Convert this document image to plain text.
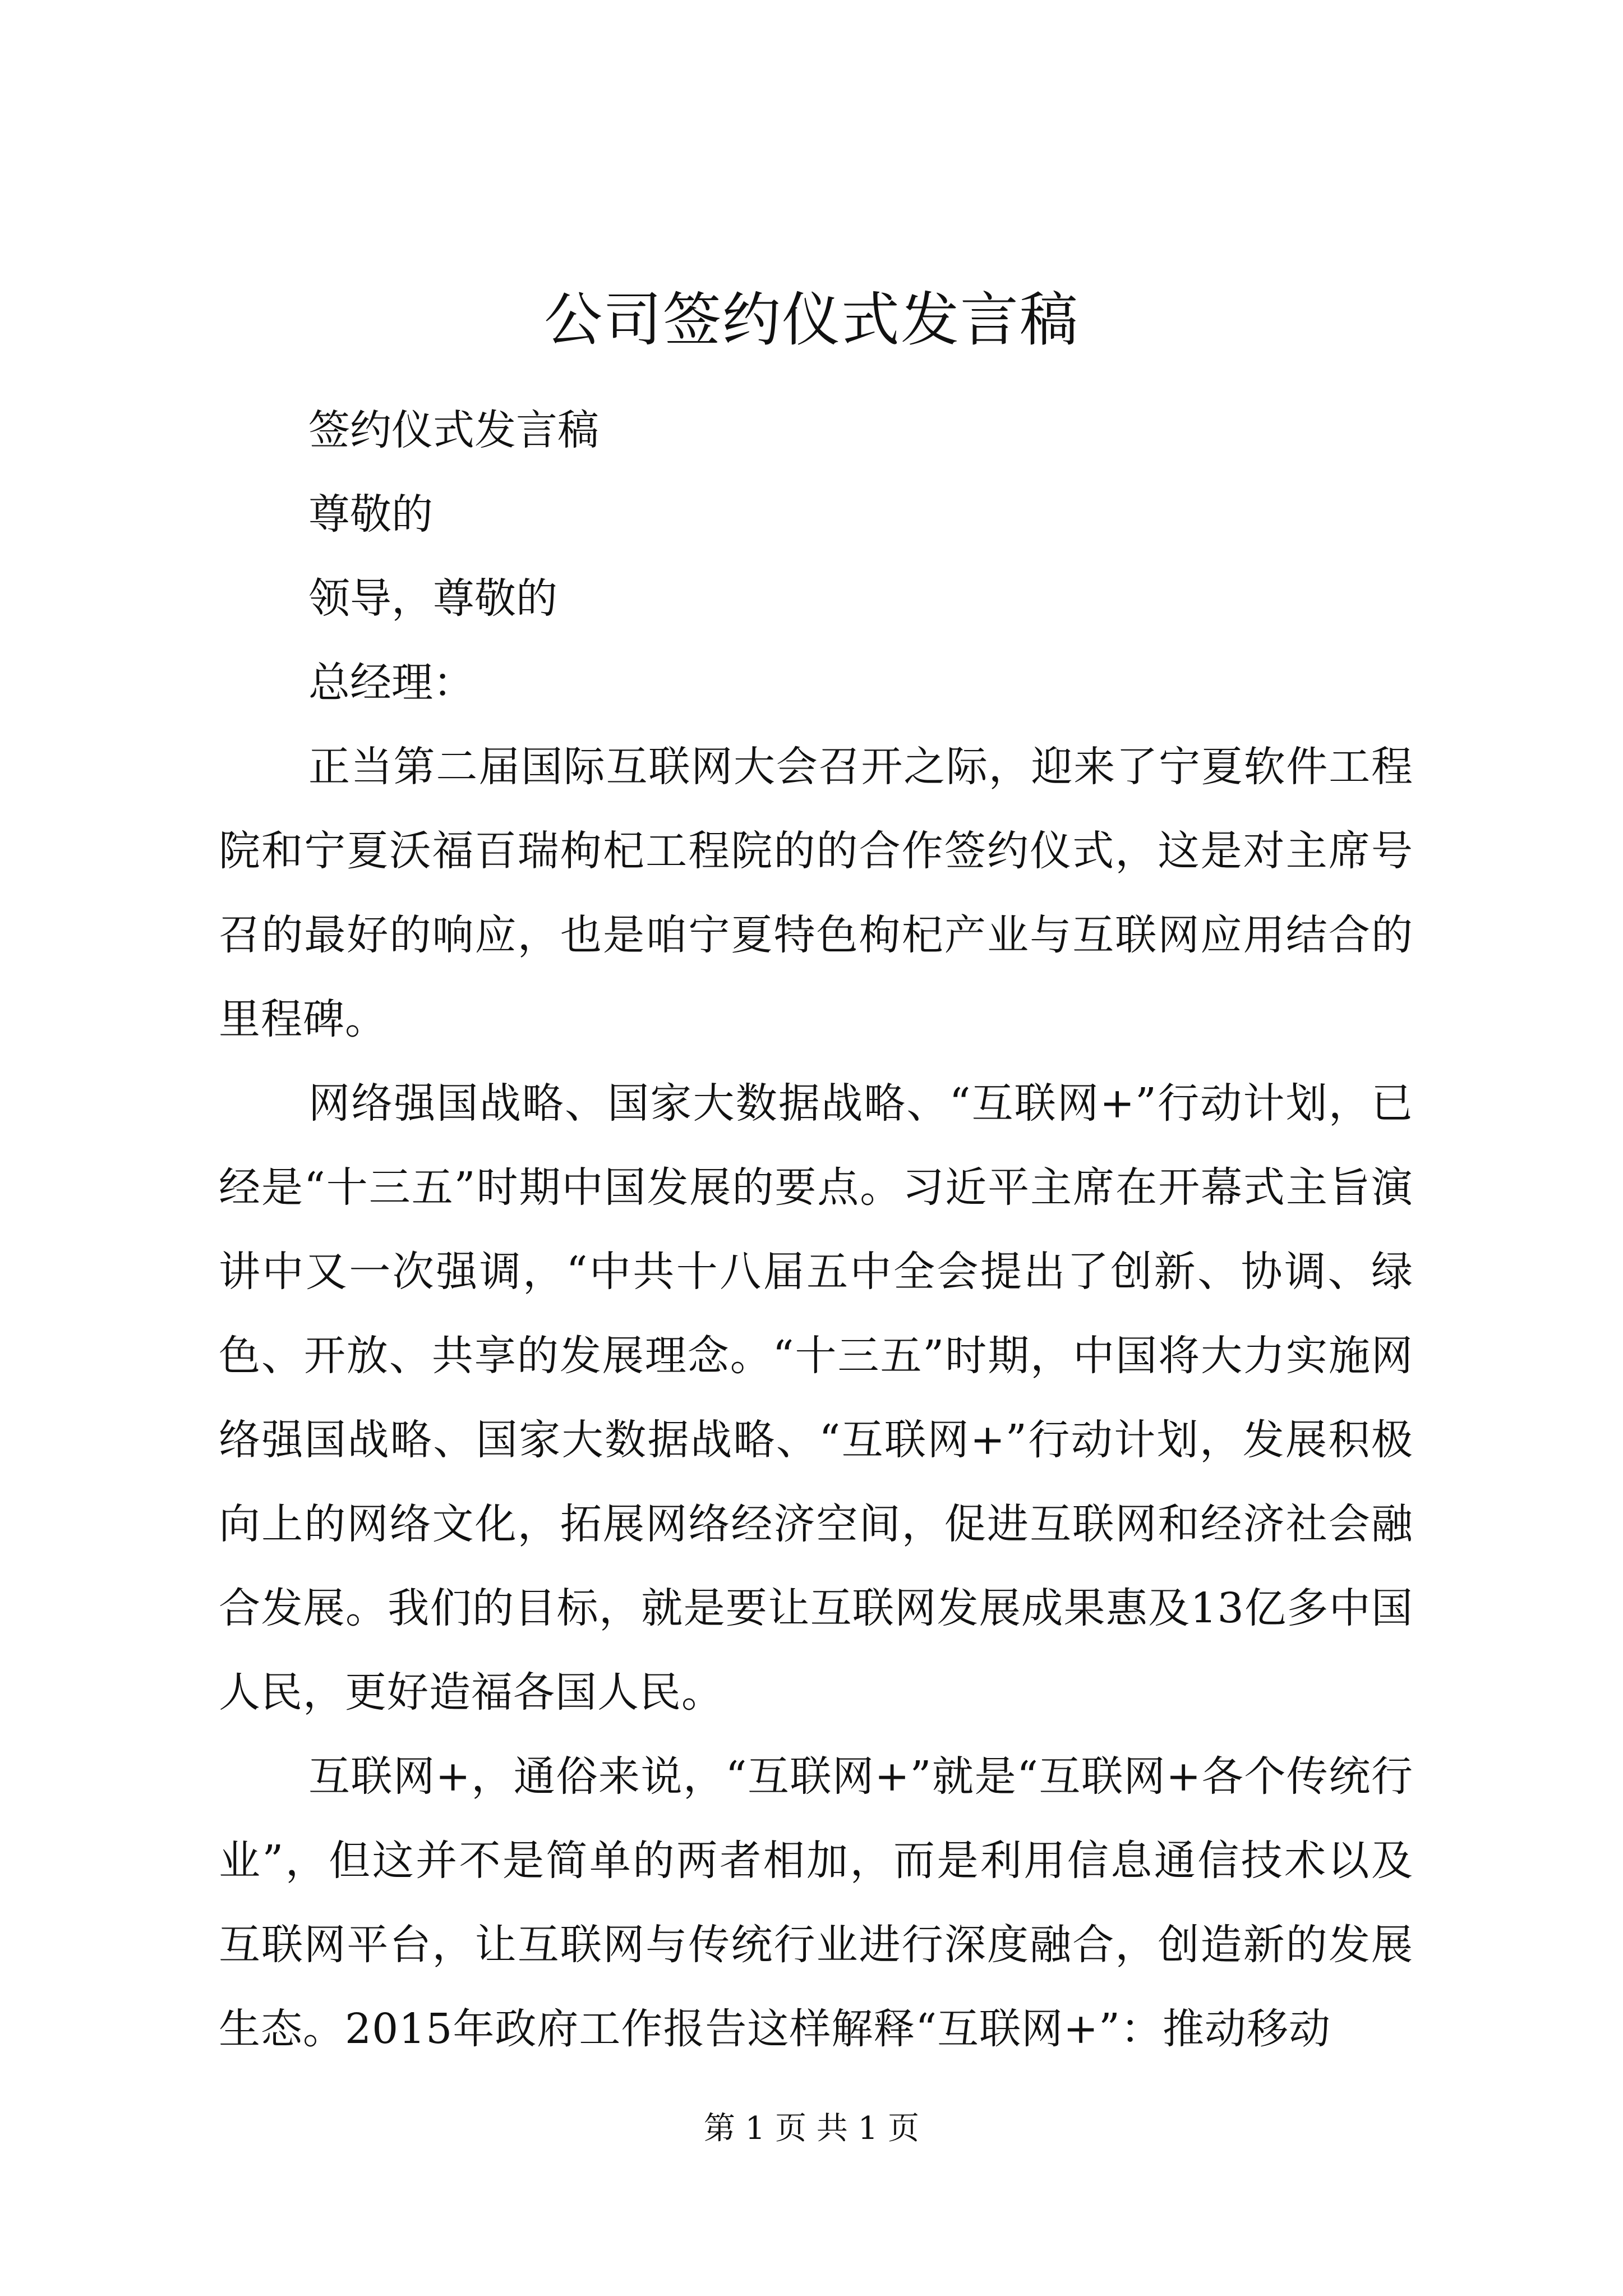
公司签约仪式发言稿

签约仪式发言稿

尊敬的

领导，尊敬的

总经理：

正当第二届国际互联网大会召开之际，迎来了宁夏软件工程院和宁夏沃福百瑞枸杞工程院的的合作签约仪式，这是对主席号召的最好的响应，也是咱宁夏特色枸杞产业与互联网应用结合的里程碑。

网络强国战略、国家大数据战略、“互联网+”行动计划，已经是“十三五”时期中国发展的要点。习近平主席在开幕式主旨演讲中又一次强调，“中共十八届五中全会提出了创新、协调、绿色、开放、共享的发展理念。“十三五”时期，中国将大力实施网络强国战略、国家大数据战略、“互联网+”行动计划，发展积极向上的网络文化，拓展网络经济空间，促进互联网和经济社会融合发展。我们的目标，就是要让互联网发展成果惠及13亿多中国人民，更好造福各国人民。

互联网+，通俗来说，“互联网+”就是“互联网+各个传统行业”，但这并不是简单的两者相加，而是利用信息通信技术以及互联网平台，让互联网与传统行业进行深度融合，创造新的发展生态。2015年政府工作报告这样解释“互联网+”：推动移动

第 1 页 共 1 页
